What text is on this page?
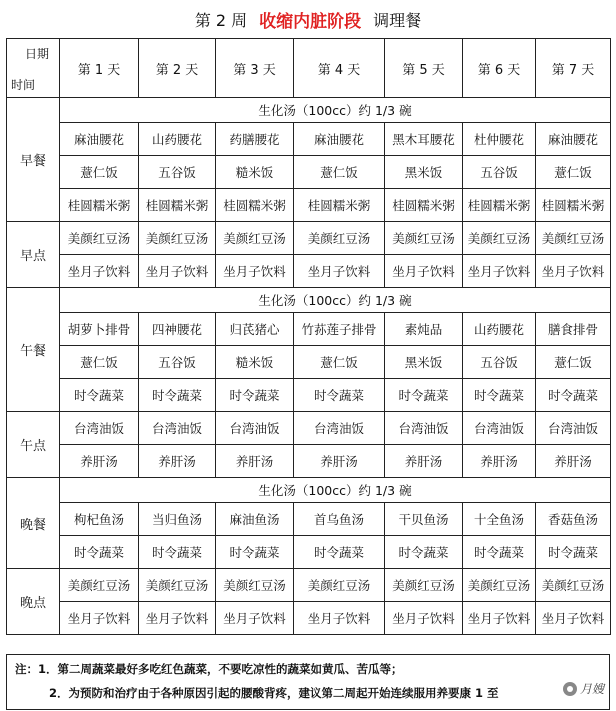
第 2 周 收缩内脏阶段 调理餐
日期
时间	第 1 天	第 2 天	第 3 天	第 4 天	第 5 天	第 6 天	第 7 天
早餐	生化汤（100cc）约 1/3 碗						
	麻油腰花	山药腰花	药膳腰花	麻油腰花	黑木耳腰花	杜仲腰花	麻油腰花
	薏仁饭	五谷饭	糙米饭	薏仁饭	黑米饭	五谷饭	薏仁饭
	桂圆糯米粥	桂圆糯米粥	桂圆糯米粥	桂圆糯米粥	桂圆糯米粥	桂圆糯米粥	桂圆糯米粥
早点	美颜红豆汤	美颜红豆汤	美颜红豆汤	美颜红豆汤	美颜红豆汤	美颜红豆汤	美颜红豆汤
	坐月子饮料	坐月子饮料	坐月子饮料	坐月子饮料	坐月子饮料	坐月子饮料	坐月子饮料
午餐	生化汤（100cc）约 1/3 碗						
	胡萝卜排骨	四神腰花	归芪猪心	竹荪莲子排骨	素炖品	山药腰花	膳食排骨
	薏仁饭	五谷饭	糙米饭	薏仁饭	黑米饭	五谷饭	薏仁饭
	时令蔬菜	时令蔬菜	时令蔬菜	时令蔬菜	时令蔬菜	时令蔬菜	时令蔬菜
午点	台湾油饭	台湾油饭	台湾油饭	台湾油饭	台湾油饭	台湾油饭	台湾油饭
	养肝汤	养肝汤	养肝汤	养肝汤	养肝汤	养肝汤	养肝汤
晚餐	生化汤（100cc）约 1/3 碗						
	枸杞鱼汤	当归鱼汤	麻油鱼汤	首乌鱼汤	干贝鱼汤	十全鱼汤	香菇鱼汤
	时令蔬菜	时令蔬菜	时令蔬菜	时令蔬菜	时令蔬菜	时令蔬菜	时令蔬菜
晚点	美颜红豆汤	美颜红豆汤	美颜红豆汤	美颜红豆汤	美颜红豆汤	美颜红豆汤	美颜红豆汤
	坐月子饮料	坐月子饮料	坐月子饮料	坐月子饮料	坐月子饮料	坐月子饮料	坐月子饮料
注：1．第二周蔬菜最好多吃红色蔬菜，不要吃凉性的蔬菜如黄瓜、苦瓜等；
2．为预防和治疗由于各种原因引起的腰酸背疼，建议第二周起开始连续服用养要康 1 至	月嫂
